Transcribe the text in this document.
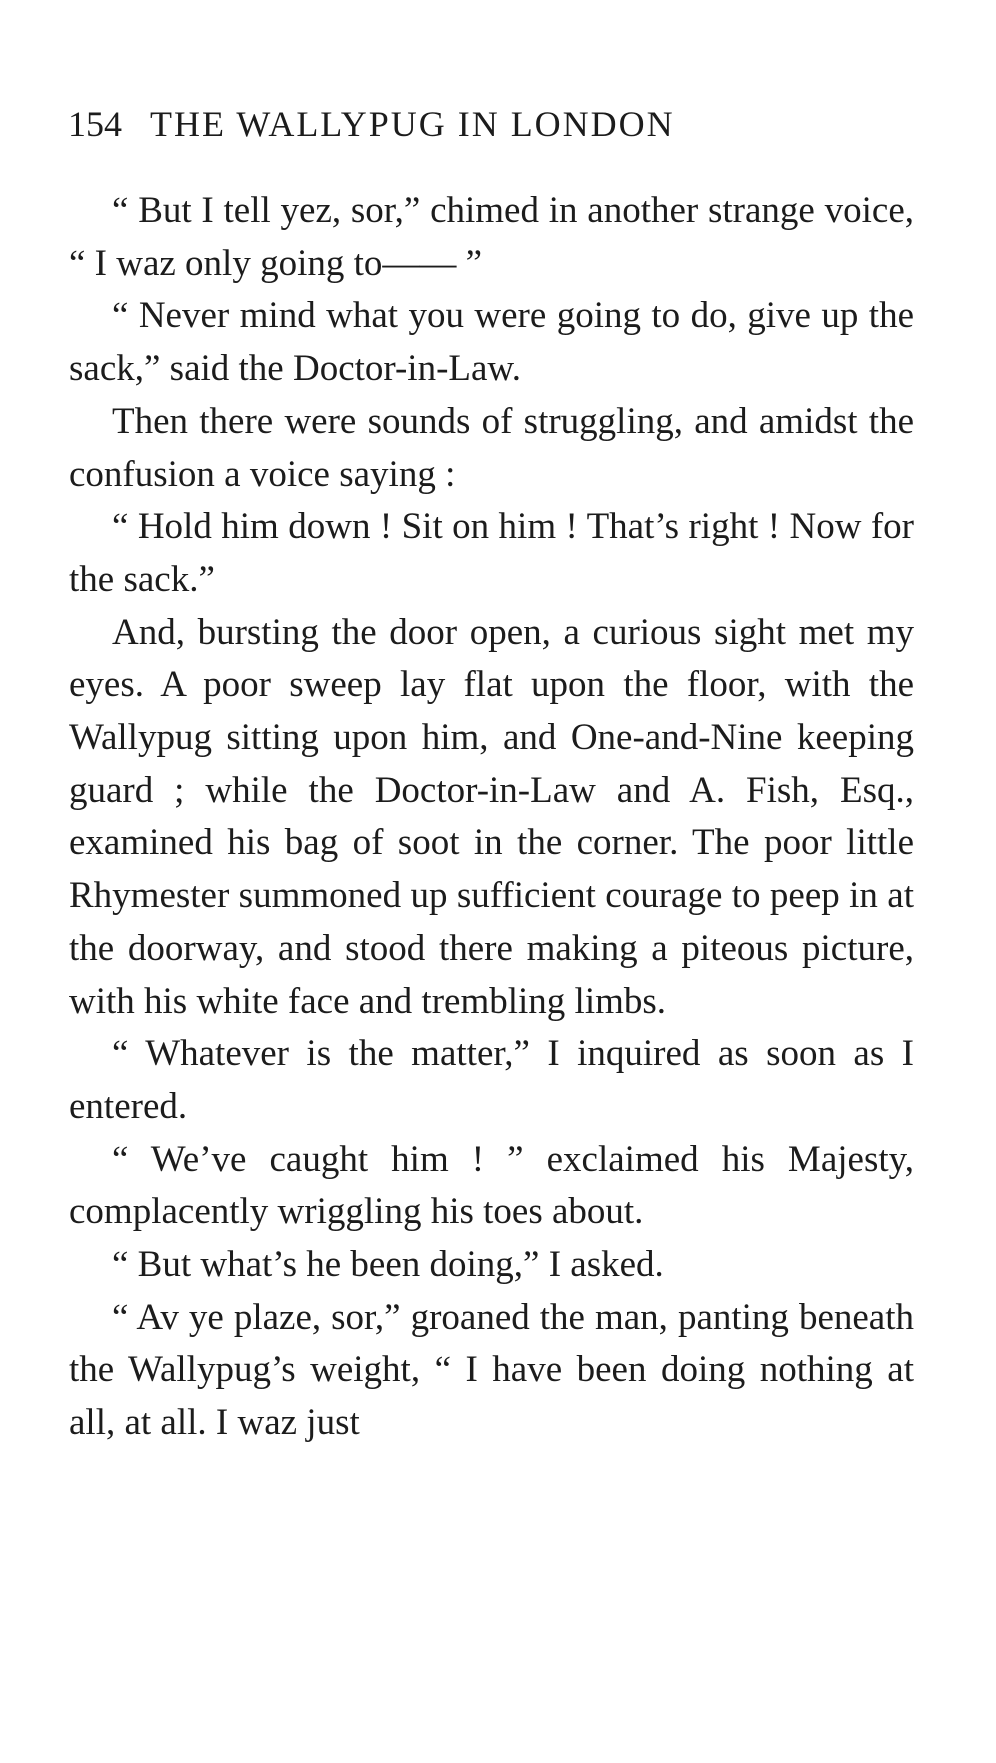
154 THE WALLYPUG IN LONDON

“ But I tell yez, sor,” chimed in another strange voice, “ I waz only going to—— ”

“ Never mind what you were going to do, give up the sack,” said the Doctor-in-Law.

Then there were sounds of struggling, and amidst the confusion a voice saying :

“ Hold him down ! Sit on him ! That’s right ! Now for the sack.”

And, bursting the door open, a curious sight met my eyes. A poor sweep lay flat upon the floor, with the Wallypug sitting upon him, and One-and-Nine keeping guard ; while the Doctor-in-Law and A. Fish, Esq., examined his bag of soot in the corner. The poor little Rhymester summoned up sufficient courage to peep in at the doorway, and stood there making a piteous picture, with his white face and trembling limbs.

“ Whatever is the matter,” I inquired as soon as I entered.

“ We’ve caught him ! ” exclaimed his Majesty, complacently wriggling his toes about.

“ But what’s he been doing,” I asked.

“ Av ye plaze, sor,” groaned the man, panting beneath the Wallypug’s weight, “ I have been doing nothing at all, at all. I waz just
